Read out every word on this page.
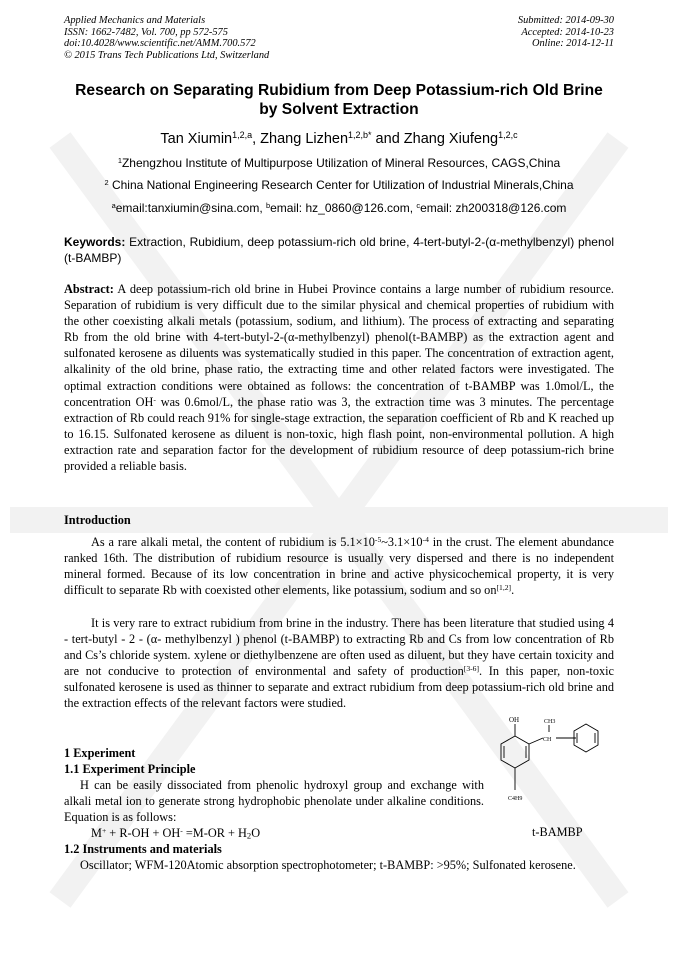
Applied Mechanics and Materials
ISSN: 1662-7482, Vol. 700, pp 572-575
doi:10.4028/www.scientific.net/AMM.700.572
© 2015 Trans Tech Publications Ltd, Switzerland
Submitted: 2014-09-30
Accepted: 2014-10-23
Online: 2014-12-11
Research on Separating Rubidium from Deep Potassium-rich Old Brine
by Solvent Extraction
Tan Xiumin$^{1,2,a}$, Zhang Lizhen$^{1,2,b*}$ and Zhang Xiufeng$^{1,2,c}$
$^1$Zhengzhou Institute of Multipurpose Utilization of Mineral Resources, CAGS,China
$^2$ China National Engineering Research Center for Utilization of Industrial Minerals,China
$^a$email:tanxiumin@sina.com, $^b$email: hz_0860@126.com, $^c$email: zh200318@126.com
Keywords: Extraction, Rubidium, deep potassium-rich old brine, 4-tert-butyl-2-(α-methylbenzyl) phenol (t-BAMBP)
Abstract: A deep potassium-rich old brine in Hubei Province contains a large number of rubidium resource. Separation of rubidium is very difficult due to the similar physical and chemical properties of rubidium with the other coexisting alkali metals (potassium, sodium, and lithium). The process of extracting and separating Rb from the old brine with 4-tert-butyl-2-(α-methylbenzyl) phenol(t-BAMBP) as the extraction agent and sulfonated kerosene as diluents was systematically studied in this paper. The concentration of extraction agent, alkalinity of the old brine, phase ratio, the extracting time and other related factors were investigated. The optimal extraction conditions were obtained as follows: the concentration of t-BAMBP was 1.0mol/L, the concentration OH- was 0.6mol/L, the phase ratio was 3, the extraction time was 3 minutes. The percentage extraction of Rb could reach 91% for single-stage extraction, the separation coefficient of Rb and K reached up to 16.15. Sulfonated kerosene as diluent is non-toxic, high flash point, non-environmental pollution. A high extraction rate and separation factor for the development of rubidium resource of deep potassium-rich brine provided a reliable basis.
Introduction
As a rare alkali metal, the content of rubidium is $5.1\times 10^{-5}\sim 3.1\times 10^{-4}$ in the crust. The element abundance ranked 16th. The distribution of rubidium resource is usually very dispersed and there is no independent mineral formed. Because of its low concentration in brine and active physicochemical property, it is very difficult to separate Rb with coexisted other elements, like potassium, sodium and so on[1,2].
It is very rare to extract rubidium from brine in the industry. There has been literature that studied using 4 - tert-butyl - 2 - (α- methylbenzyl ) phenol (t-BAMBP) to extracting Rb and Cs from low concentration of Rb and Cs’s chloride system. xylene or diethylbenzene are often used as diluent, but they have certain toxicity and are not conducive to protection of environmental and safety of production[3-6]. In this paper, non-toxic sulfonated kerosene is used as thinner to separate and extract rubidium from deep potassium-rich old brine and the extraction effects of the relevant factors were studied.
1 Experiment
1.1 Experiment Principle
H can be easily dissociated from phenolic hydroxyl group and exchange with alkali metal ion to generate strong hydrophobic phenolate under alkaline conditions. Equation is as follows:
$M^+ + R-OH + OH^- =M-OR + H_2O$
1.2 Instruments and materials
Oscillator; WFM-120Atomic absorption spectrophotometer; t-BAMBP: >95%; Sulfonated kerosene.
OH	CH3
CH
C4H9
t-BAMBP
